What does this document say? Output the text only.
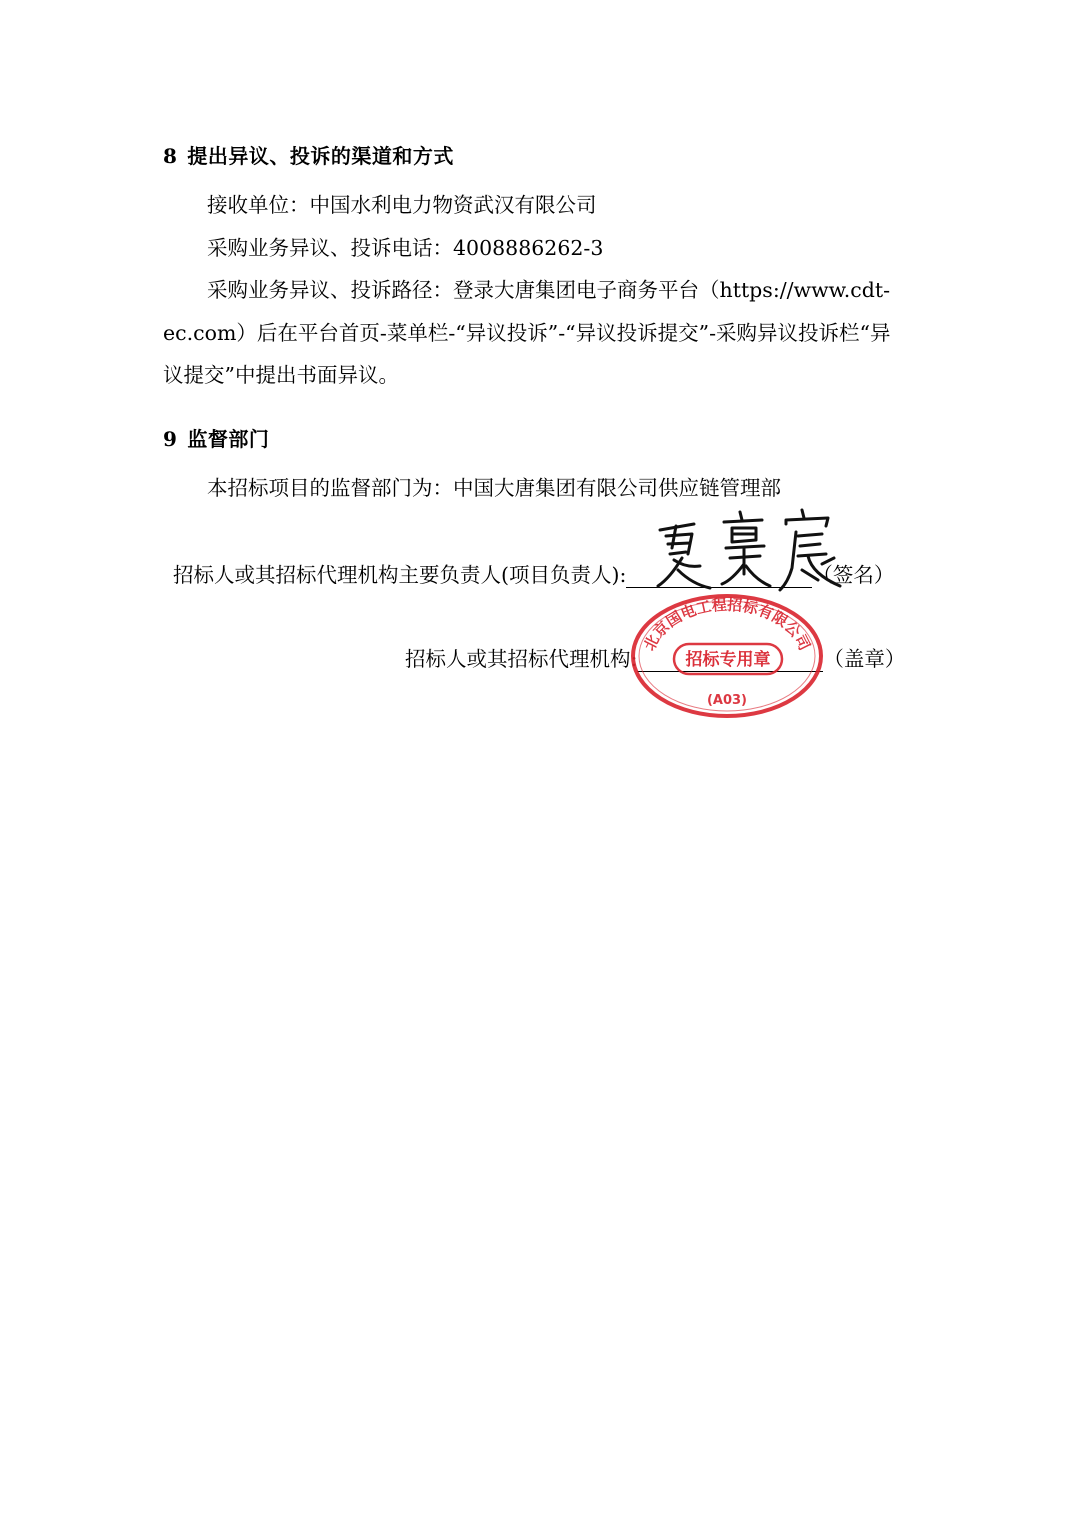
8 提出异议、投诉的渠道和方式
接收单位：中国水利电力物资武汉有限公司
采购业务异议、投诉电话：4008886262-3
采购业务异议、投诉路径：登录大唐集团电子商务平台（https://www.cdt-
ec.com）后在平台首页-菜单栏-“异议投诉”-“异议投诉提交”-采购异议投诉栏“异
议提交”中提出书面异议。
9 监督部门
本招标项目的监督部门为：中国大唐集团有限公司供应链管理部
招标人或其招标代理机构主要负责人(项目负责人):	（签名）
招标人或其招标代理机构:	（盖章）
北京国电工程招标有限公司
招标专用章
(A03)
